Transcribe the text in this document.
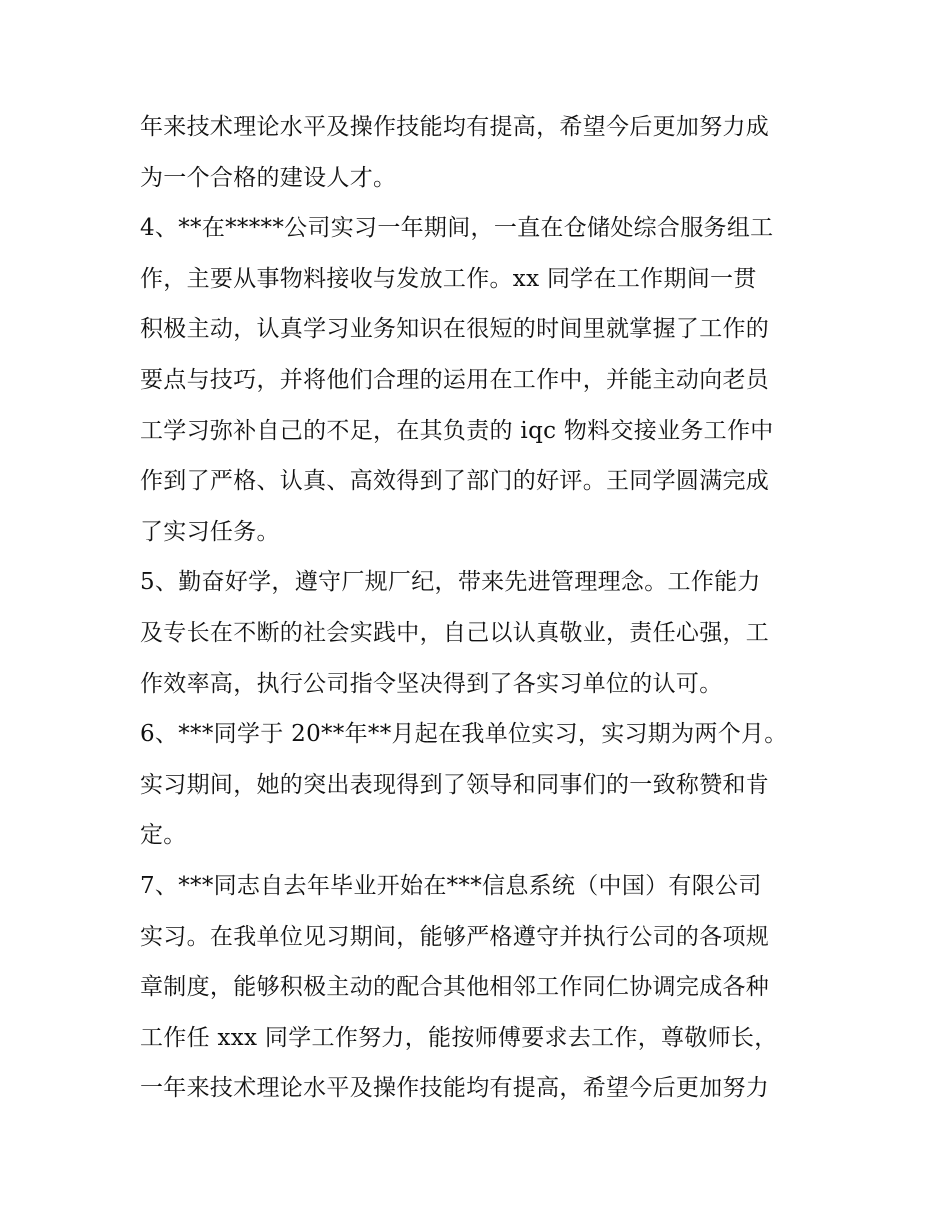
年来技术理论水平及操作技能均有提高，希望今后更加努力成
为一个合格的建设人才。
4、**在*****公司实习一年期间，一直在仓储处综合服务组工
作，主要从事物料接收与发放工作。xx 同学在工作期间一贯
积极主动，认真学习业务知识在很短的时间里就掌握了工作的
要点与技巧，并将他们合理的运用在工作中，并能主动向老员
工学习弥补自己的不足，在其负责的 iqc 物料交接业务工作中
作到了严格、认真、高效得到了部门的好评。王同学圆满完成
了实习任务。
5、勤奋好学，遵守厂规厂纪，带来先进管理理念。工作能力
及专长在不断的社会实践中，自己以认真敬业，责任心强，工
作效率高，执行公司指令坚决得到了各实习单位的认可。
6、***同学于 20**年**月起在我单位实习，实习期为两个月。
实习期间，她的突出表现得到了领导和同事们的一致称赞和肯
定。
7、***同志自去年毕业开始在***信息系统（中国）有限公司
实习。在我单位见习期间，能够严格遵守并执行公司的各项规
章制度，能够积极主动的配合其他相邻工作同仁协调完成各种
工作任 xxx 同学工作努力，能按师傅要求去工作，尊敬师长，
一年来技术理论水平及操作技能均有提高，希望今后更加努力
